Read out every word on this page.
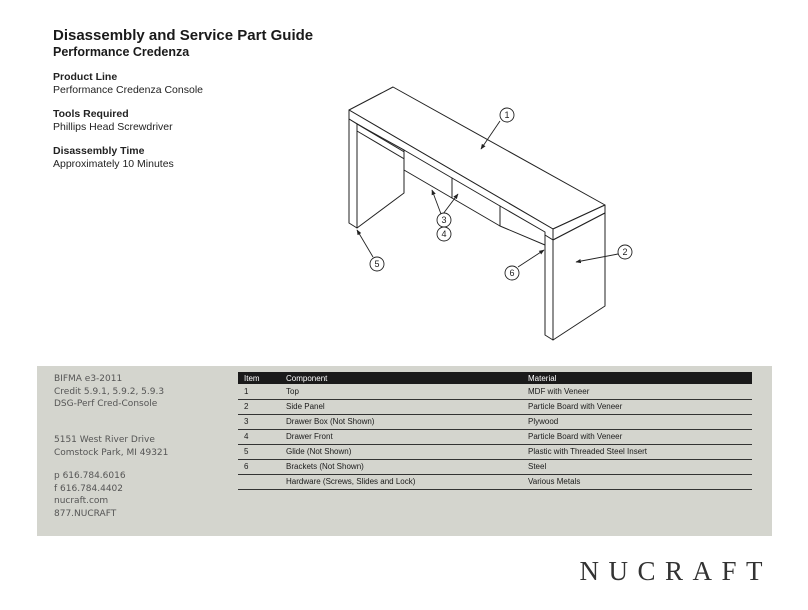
Disassembly and Service Part Guide
Performance Credenza
Product Line
Performance Credenza Console
Tools Required
Phillips Head Screwdriver
Disassembly Time
Approximately 10 Minutes
1
2
3
4
5
6
BIFMA e3-2011
Credit 5.9.1, 5.9.2, 5.9.3
DSG-Perf Cred-Console
5151 West River Drive
Comstock Park, MI 49321
p 616.784.6016
f 616.784.4402
nucraft.com
877.NUCRAFT
Item	Component	Material
1	Top	MDF with Veneer
2	Side Panel	Particle Board with Veneer
3	Drawer Box (Not Shown)	Plywood
4	Drawer Front	Particle Board with Veneer
5	Glide (Not Shown)	Plastic with Threaded Steel Insert
6	Brackets (Not Shown)	Steel
	Hardware (Screws, Slides and Lock)	Various Metals
NUCRAFT
